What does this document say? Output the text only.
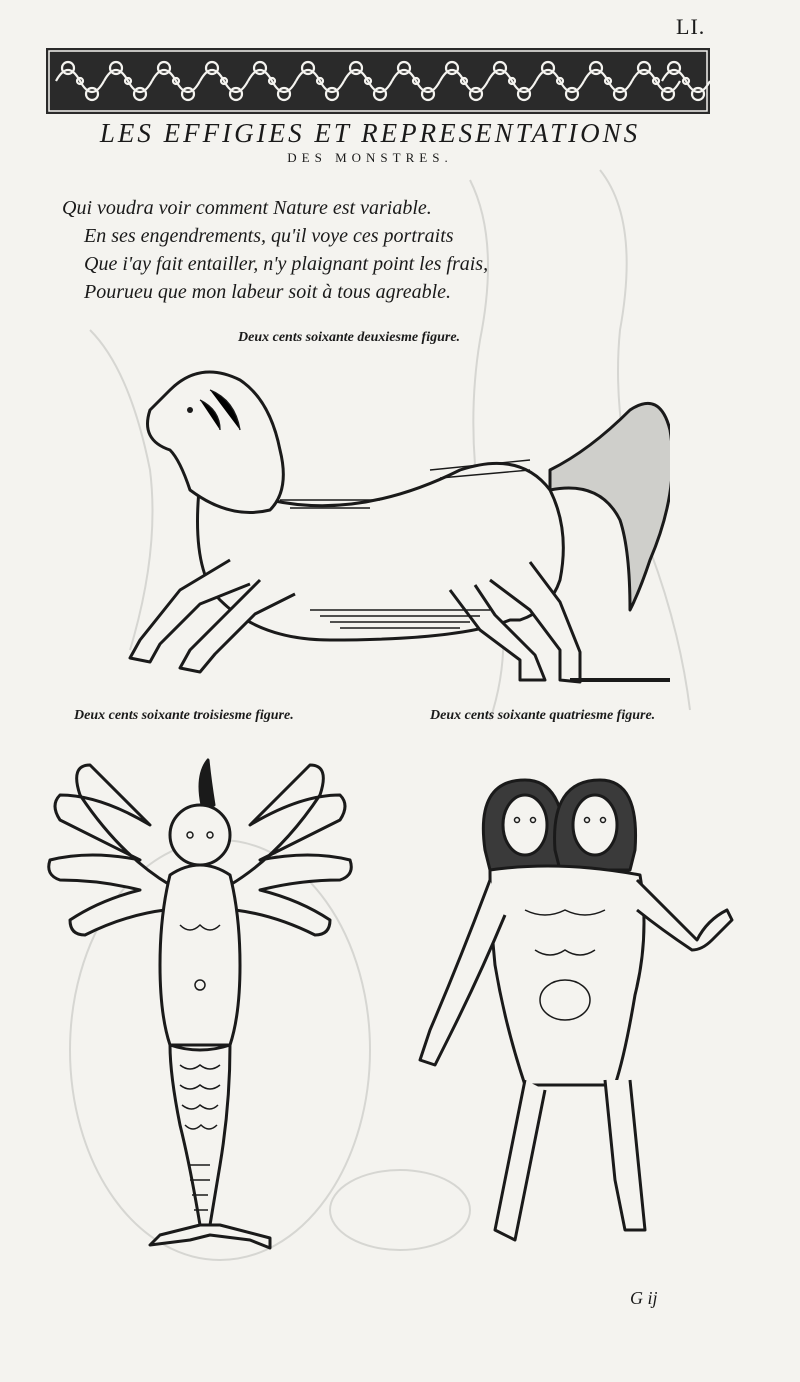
LI.
LES EFFIGIES ET REPRESENTATIONS
DES MONSTRES.
Qui voudra voir comment Nature est variable.
En ses engendrements, qu'il voye ces portraits
Que i'ay fait entailler, n'y plaignant point les frais,
Pourueu que mon labeur soit à tous agreable.
Deux cents soixante deuxiesme figure.
Deux cents soixante troisiesme figure.	Deux cents soixante quatriesme figure.
G ij
